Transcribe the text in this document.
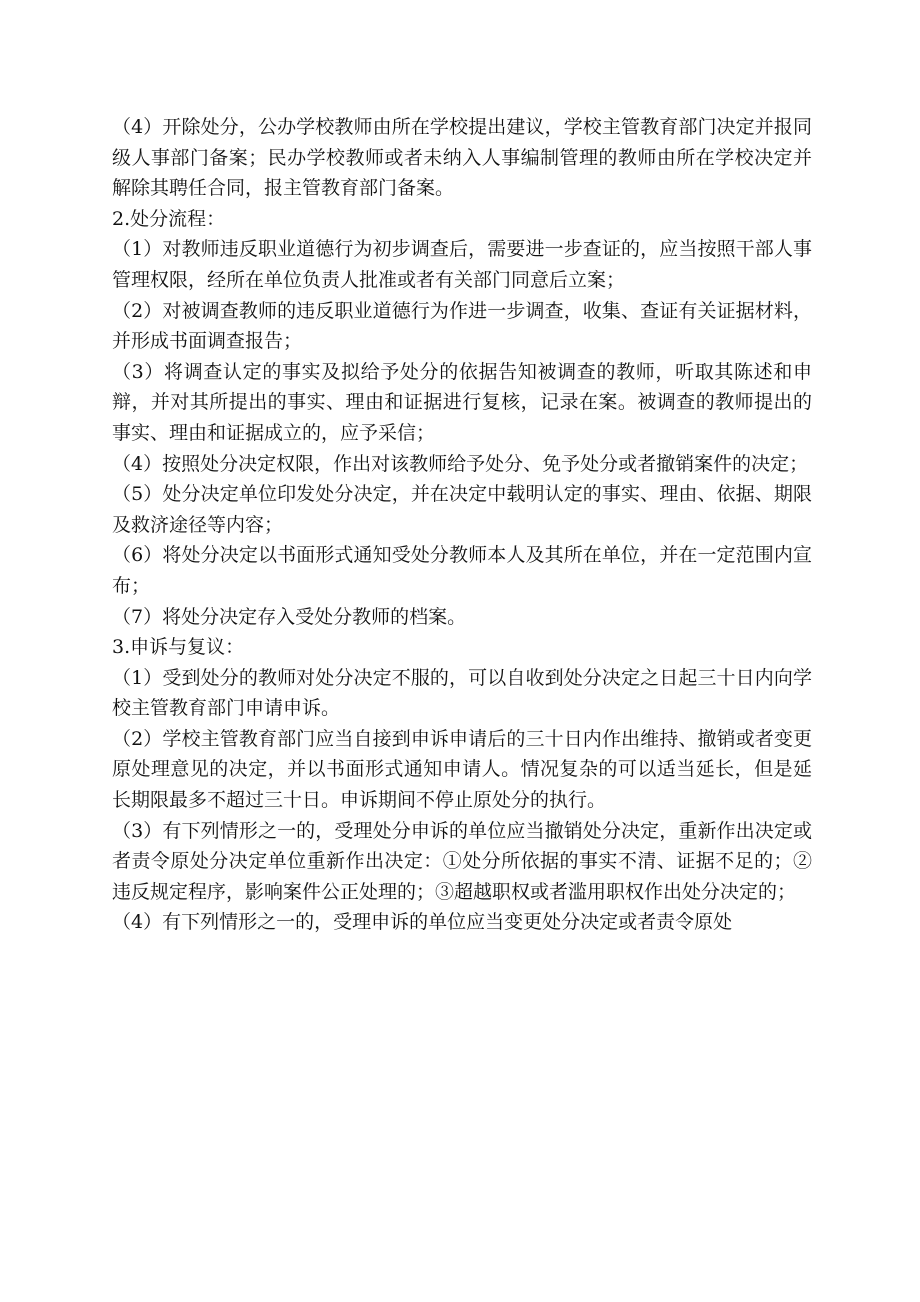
（4）开除处分，公办学校教师由所在学校提出建议，学校主管教育部门决定并报同级人事部门备案；民办学校教师或者未纳入人事编制管理的教师由所在学校决定并解除其聘任合同，报主管教育部门备案。

2.处分流程：

（1）对教师违反职业道德行为初步调查后，需要进一步查证的，应当按照干部人事管理权限，经所在单位负责人批准或者有关部门同意后立案；

（2）对被调查教师的违反职业道德行为作进一步调查，收集、查证有关证据材料，并形成书面调查报告；

（3）将调查认定的事实及拟给予处分的依据告知被调查的教师，听取其陈述和申辩，并对其所提出的事实、理由和证据进行复核，记录在案。被调查的教师提出的事实、理由和证据成立的，应予采信；

（4）按照处分决定权限，作出对该教师给予处分、免予处分或者撤销案件的决定；

（5）处分决定单位印发处分决定，并在决定中载明认定的事实、理由、依据、期限及救济途径等内容；

（6）将处分决定以书面形式通知受处分教师本人及其所在单位，并在一定范围内宣布；

（7）将处分决定存入受处分教师的档案。

3.申诉与复议：

（1）受到处分的教师对处分决定不服的，可以自收到处分决定之日起三十日内向学校主管教育部门申请申诉。

（2）学校主管教育部门应当自接到申诉申请后的三十日内作出维持、撤销或者变更原处理意见的决定，并以书面形式通知申请人。情况复杂的可以适当延长，但是延长期限最多不超过三十日。申诉期间不停止原处分的执行。

（3）有下列情形之一的，受理处分申诉的单位应当撤销处分决定，重新作出决定或者责令原处分决定单位重新作出决定：①处分所依据的事实不清、证据不足的；②违反规定程序，影响案件公正处理的；③超越职权或者滥用职权作出处分决定的；

（4）有下列情形之一的，受理申诉的单位应当变更处分决定或者责令原处
